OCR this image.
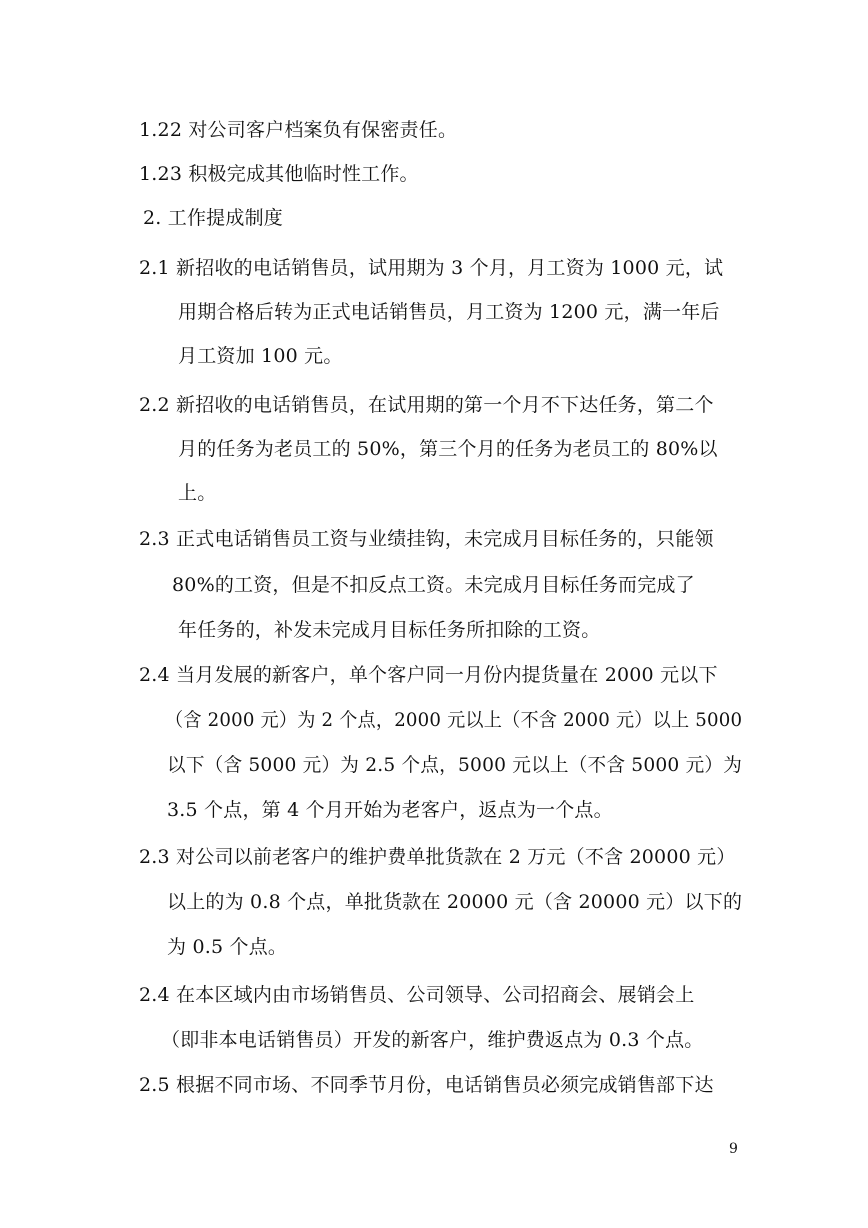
1.22 对公司客户档案负有保密责任。
1.23 积极完成其他临时性工作。
2. 工作提成制度
2.1 新招收的电话销售员，试用期为 3 个月，月工资为 1000 元，试
用期合格后转为正式电话销售员，月工资为 1200 元，满一年后
月工资加 100 元。
2.2 新招收的电话销售员，在试用期的第一个月不下达任务，第二个
月的任务为老员工的 50%，第三个月的任务为老员工的 80%以
上。
2.3 正式电话销售员工资与业绩挂钩，未完成月目标任务的，只能领
80%的工资，但是不扣反点工资。未完成月目标任务而完成了
年任务的，补发未完成月目标任务所扣除的工资。
2.4 当月发展的新客户，单个客户同一月份内提货量在 2000 元以下
（含 2000 元）为 2 个点，2000 元以上（不含 2000 元）以上 5000
以下（含 5000 元）为 2.5 个点，5000 元以上（不含 5000 元）为
3.5 个点，第 4 个月开始为老客户，返点为一个点。
2.3 对公司以前老客户的维护费单批货款在 2 万元（不含 20000 元）
以上的为 0.8 个点，单批货款在 20000 元（含 20000 元）以下的
为 0.5 个点。
2.4 在本区域内由市场销售员、公司领导、公司招商会、展销会上
（即非本电话销售员）开发的新客户，维护费返点为 0.3 个点。
2.5 根据不同市场、不同季节月份，电话销售员必须完成销售部下达
9
